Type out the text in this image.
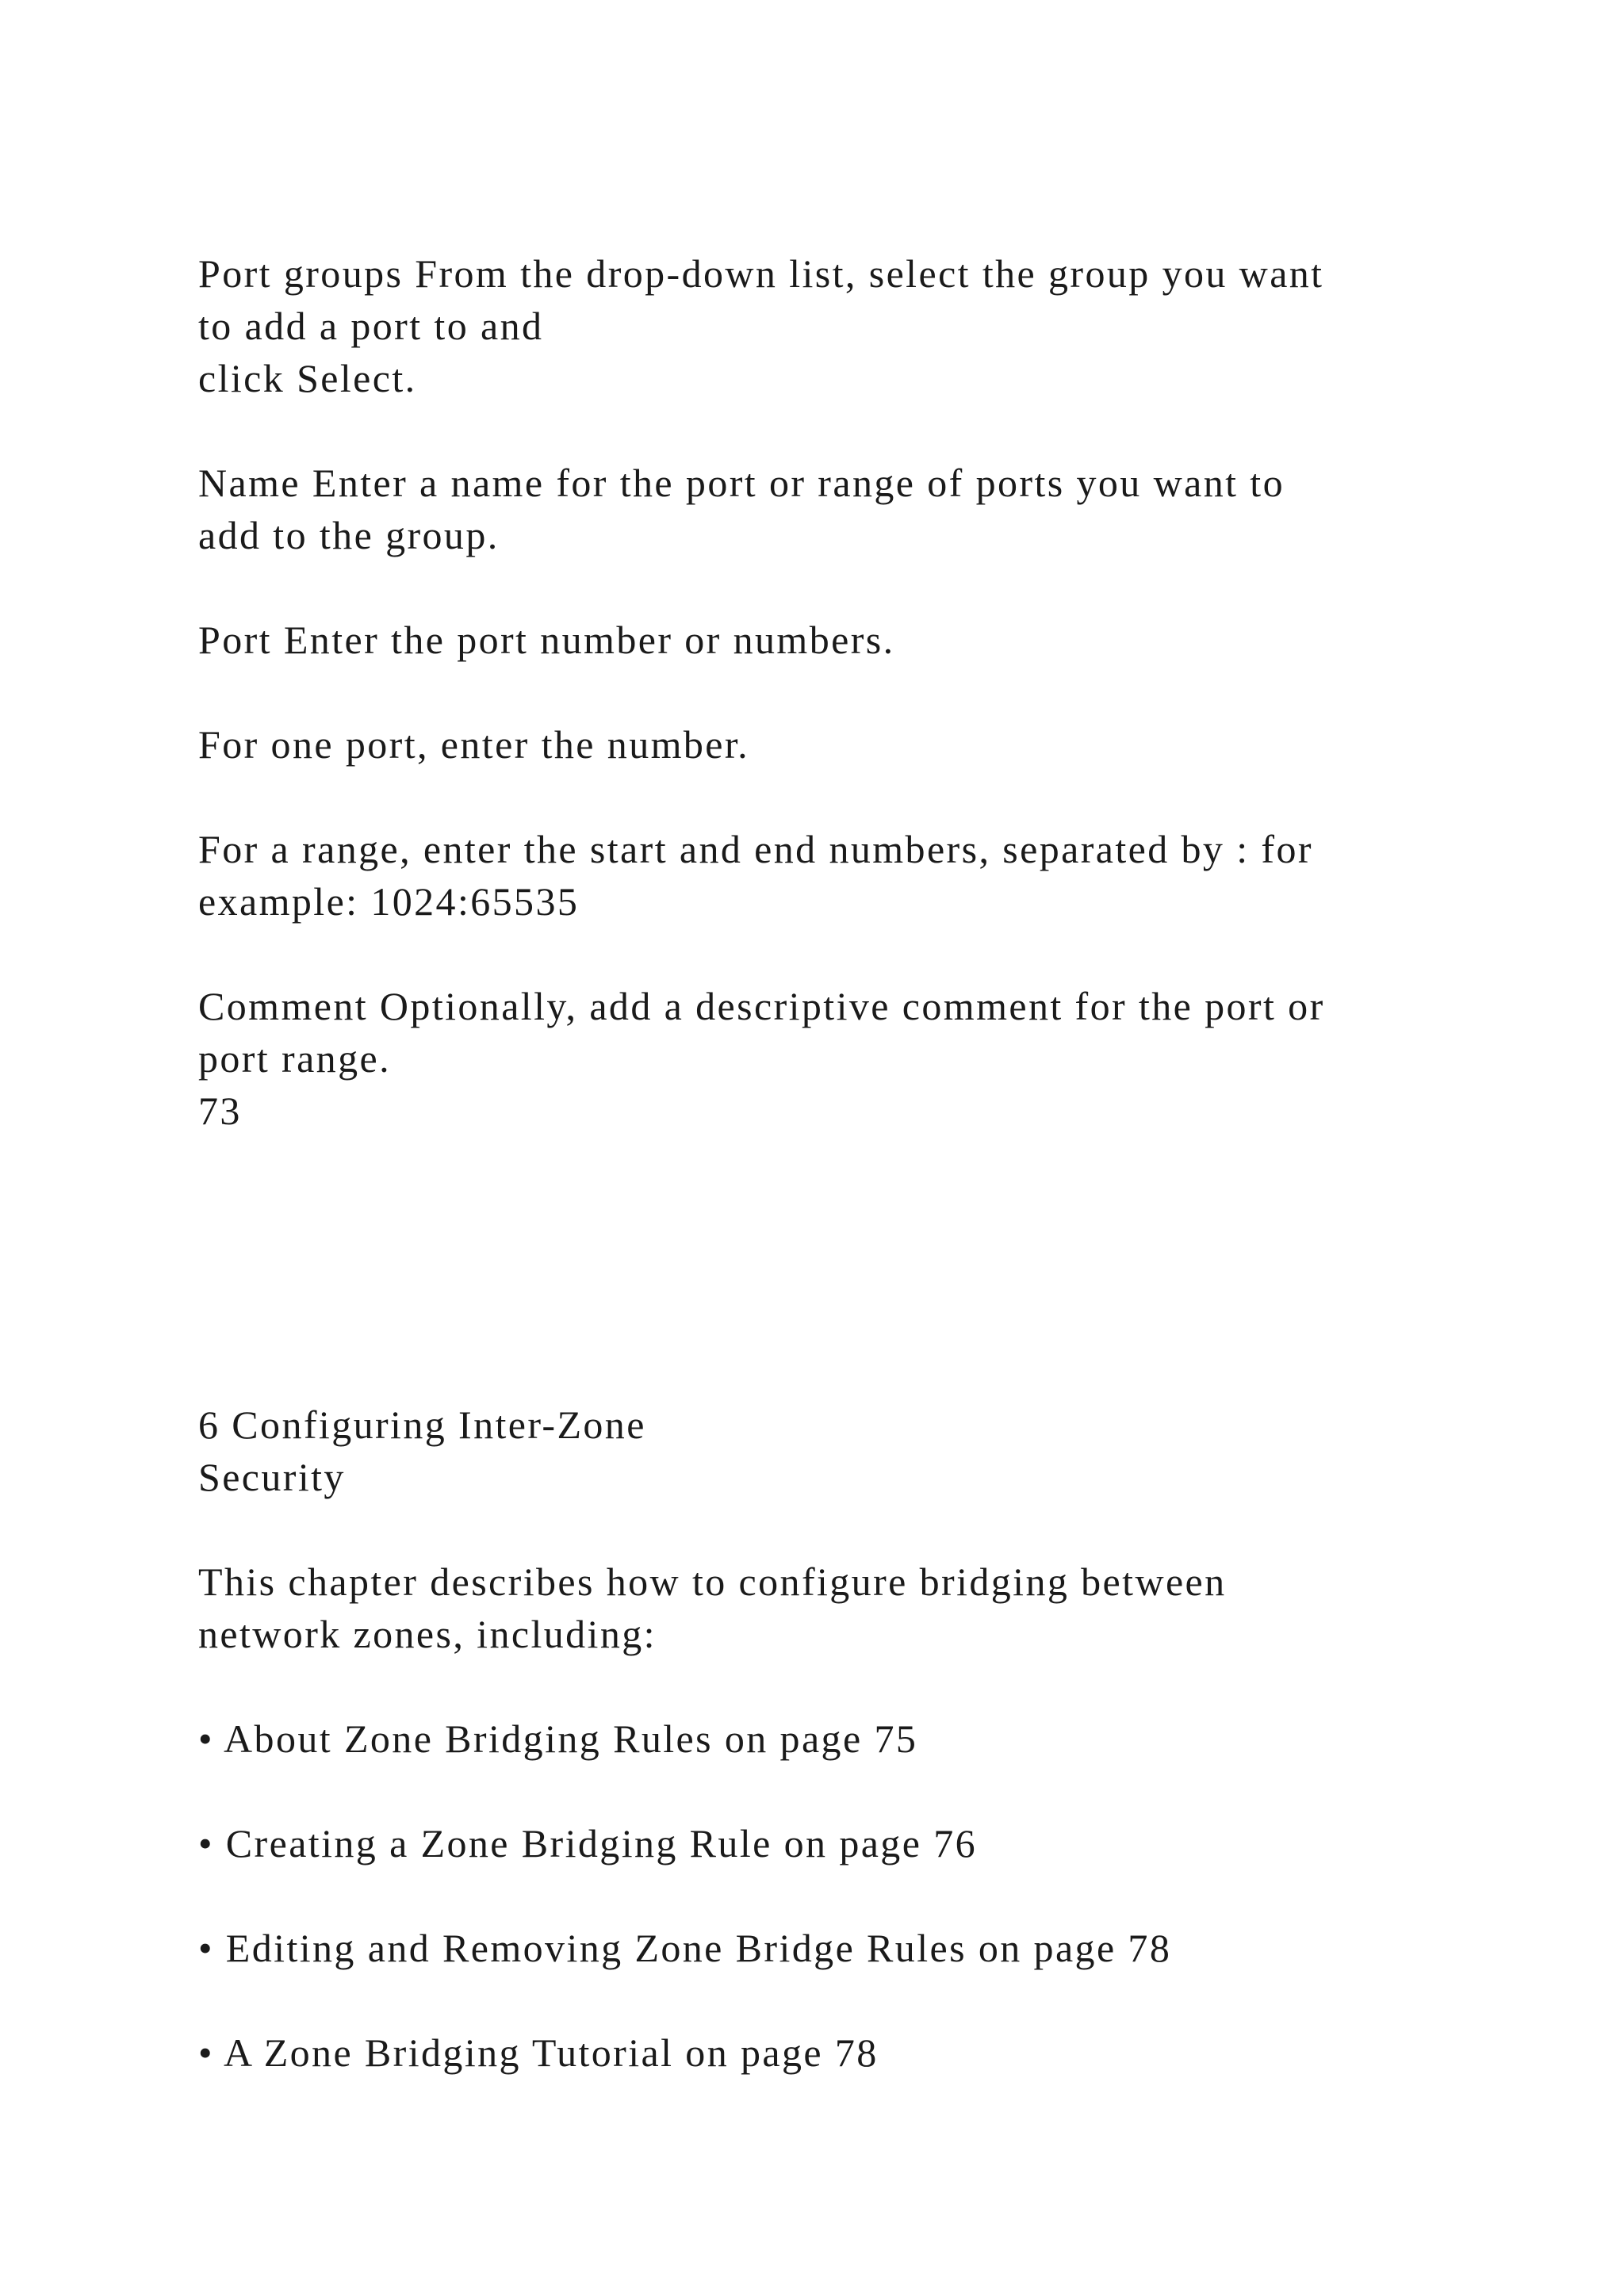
Port groups From the drop-down list, select the group you want
to add a port to and
click Select.
Name Enter a name for the port or range of ports you want to
add to the group.
Port Enter the port number or numbers.
For one port, enter the number.
For a range, enter the start and end numbers, separated by : for
example: 1024:65535
Comment Optionally, add a descriptive comment for the port or
port range.
73
6 Configuring Inter-Zone
Security
This chapter describes how to configure bridging between
network zones, including:
• About Zone Bridging Rules on page 75
• Creating a Zone Bridging Rule on page 76
• Editing and Removing Zone Bridge Rules on page 78
• A Zone Bridging Tutorial on page 78
